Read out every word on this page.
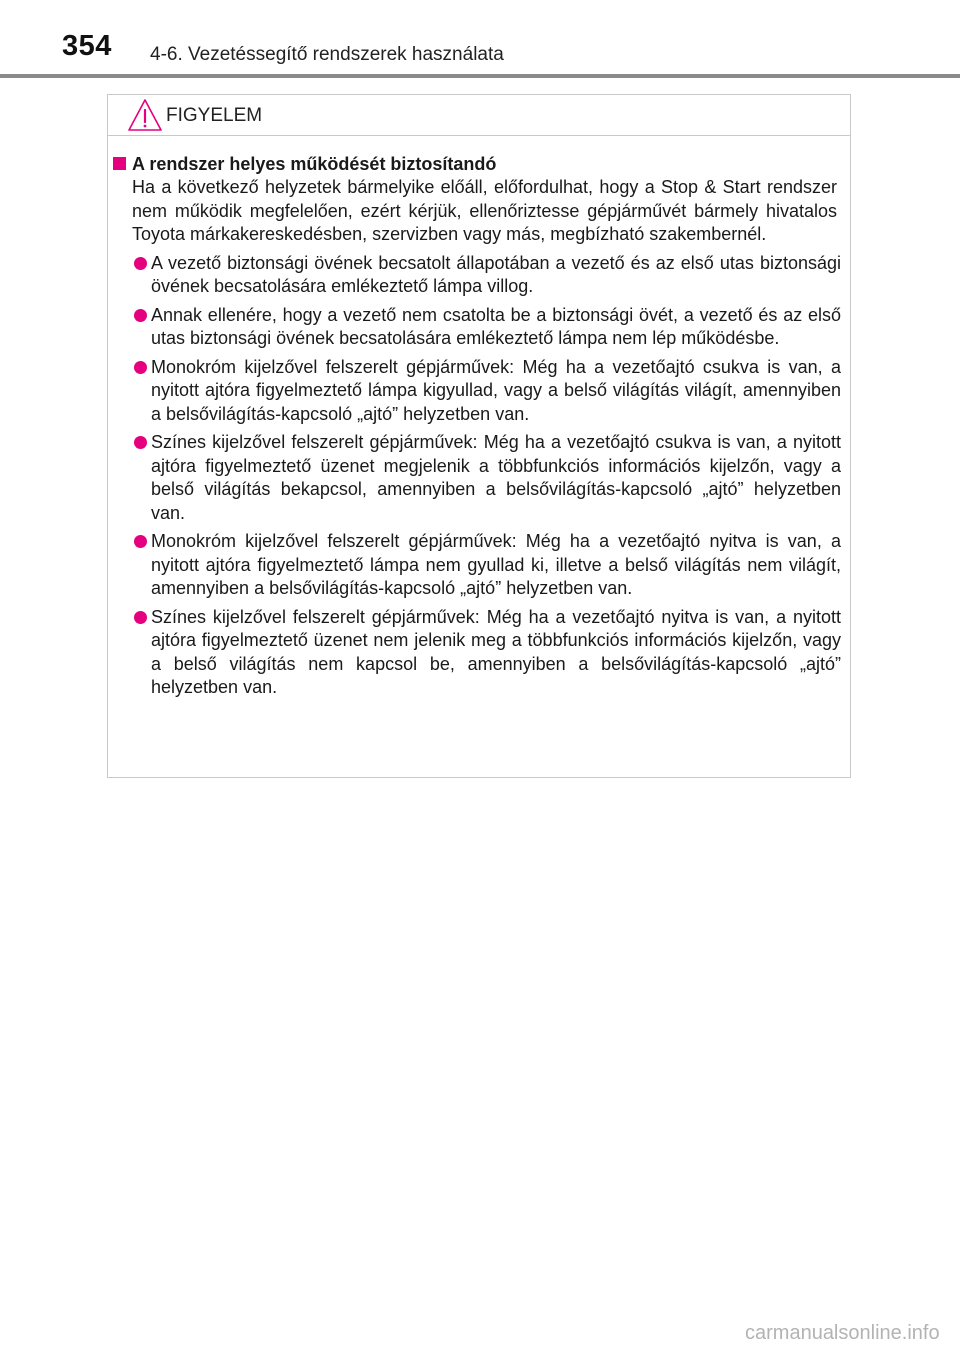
354 4-6. Vezetéssegítő rendszerek használata
FIGYELEM
A rendszer helyes működését biztosítandó

Ha a következő helyzetek bármelyike előáll, előfordulhat, hogy a Stop & Start rendszer nem működik megfelelően, ezért kérjük, ellenőriztesse gépjárművét bármely hivatalos Toyota márkakereskedésben, szervizben vagy más, megbízható szakembernél.

A vezető biztonsági övének becsatolt állapotában a vezető és az első utas biztonsági övének becsatolására emlékeztető lámpa villog.
Annak ellenére, hogy a vezető nem csatolta be a biztonsági övét, a vezető és az első utas biztonsági övének becsatolására emlékeztető lámpa nem lép működésbe.
Monokróm kijelzővel felszerelt gépjárművek: Még ha a vezetőajtó csukva is van, a nyitott ajtóra figyelmeztető lámpa kigyullad, vagy a belső világítás világít, amennyiben a belsővilágítás-kapcsoló „ajtó” helyzetben van.
Színes kijelzővel felszerelt gépjárművek: Még ha a vezetőajtó csukva is van, a nyitott ajtóra figyelmeztető üzenet megjelenik a többfunkciós információs kijelzőn, vagy a belső világítás bekapcsol, amennyiben a belsővilágítás-kapcsoló „ajtó” helyzetben van.
Monokróm kijelzővel felszerelt gépjárművek: Még ha a vezetőajtó nyitva is van, a nyitott ajtóra figyelmeztető lámpa nem gyullad ki, illetve a belső világítás nem világít, amennyiben a belsővilágítás-kapcsoló „ajtó” helyzetben van.
Színes kijelzővel felszerelt gépjárművek: Még ha a vezetőajtó nyitva is van, a nyitott ajtóra figyelmeztető üzenet nem jelenik meg a többfunkciós információs kijelzőn, vagy a belső világítás nem kapcsol be, amennyiben a belsővilágítás-kapcsoló „ajtó” helyzetben van.
carmanualsonline.info
